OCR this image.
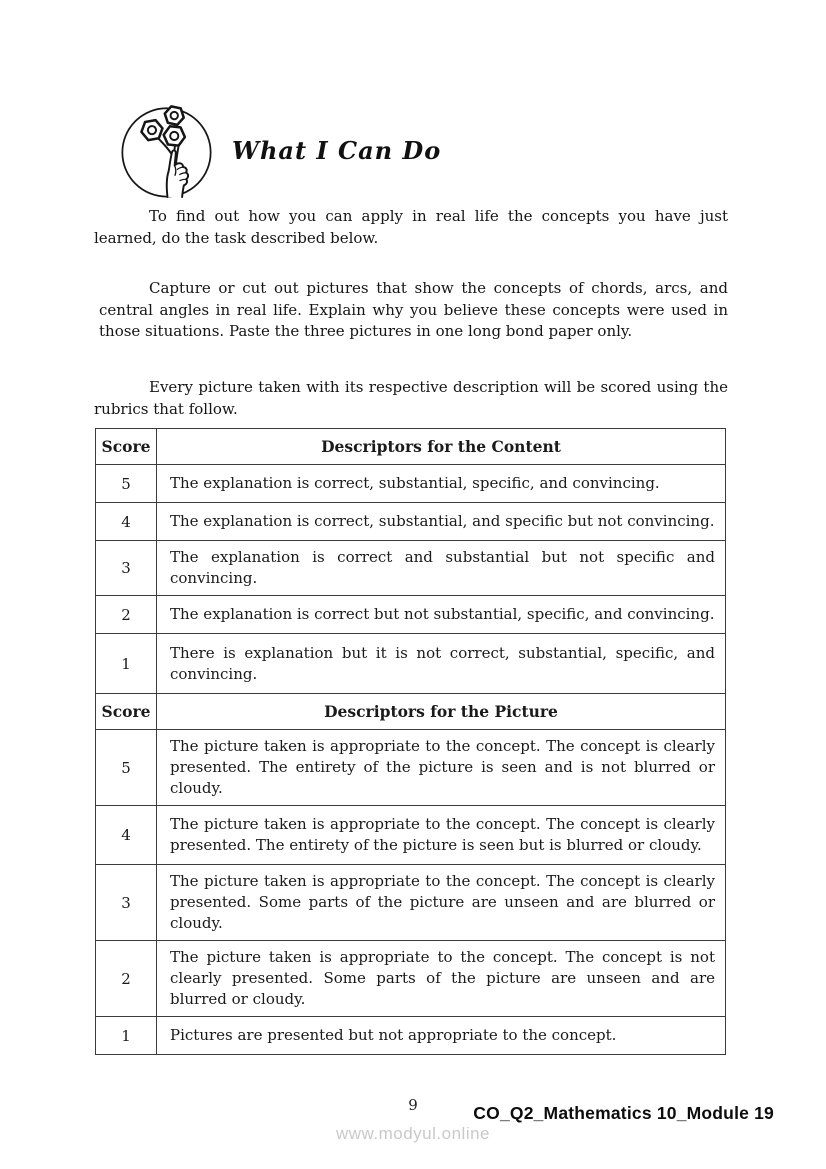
What I Can Do

To find out how you can apply in real life the concepts you have just learned, do the task described below.

Capture or cut out pictures that show the concepts of chords, arcs, and central angles in real life. Explain why you believe these concepts were used in those situations. Paste the three pictures in one long bond paper only.

Every picture taken with its respective description will be scored using the rubrics that follow.

Score	Descriptors for the Content
5	The explanation is correct, substantial, specific, and convincing.
4	The explanation is correct, substantial, and specific but not convincing.
3	The explanation is correct and substantial but not specific and convincing.
2	The explanation is correct but not substantial, specific, and convincing.
1	There is explanation but it is not correct, substantial, specific, and convincing.
Score	Descriptors for the Picture
5	The picture taken is appropriate to the concept. The concept is clearly presented. The entirety of the picture is seen and is not blurred or cloudy.
4	The picture taken is appropriate to the concept. The concept is clearly presented. The entirety of the picture is seen but is blurred or cloudy.
3	The picture taken is appropriate to the concept. The concept is clearly presented. Some parts of the picture are unseen and are blurred or cloudy.
2	The picture taken is appropriate to the concept. The concept is not clearly presented. Some parts of the picture are unseen and are blurred or cloudy.
1	Pictures are presented but not appropriate to the concept.
9	CO_Q2_Mathematics 10_Module 19
www.modyul.online
